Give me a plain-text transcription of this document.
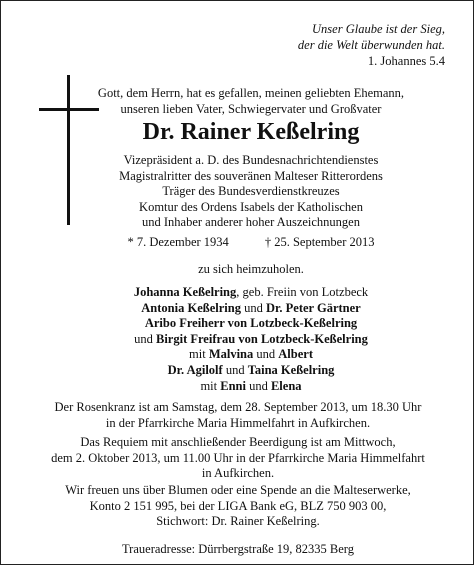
Unser Glaube ist der Sieg,
der die Welt überwunden hat.
1. Johannes 5.4
Gott, dem Herrn, hat es gefallen, meinen geliebten Ehemann,
unseren lieben Vater, Schwiegervater und Großvater
Dr. Rainer Keßelring
Vizepräsident a. D. des Bundesnachrichtendienstes
Magistralritter des souveränen Malteser Ritterordens
Träger des Bundesverdienstkreuzes
Komtur des Ordens Isabels der Katholischen
und Inhaber anderer hoher Auszeichnungen
* 7. Dezember 1934	† 25. September 2013
zu sich heimzuholen.
Johanna Keßelring, geb. Freiin von Lotzbeck
Antonia Keßelring und Dr. Peter Gärtner
Aribo Freiherr von Lotzbeck-Keßelring
und Birgit Freifrau von Lotzbeck-Keßelring
mit Malvina und Albert
Dr. Agilolf und Taina Keßelring
mit Enni und Elena
Der Rosenkranz ist am Samstag, dem 28. September 2013, um 18.30 Uhr
in der Pfarrkirche Maria Himmelfahrt in Aufkirchen.
Das Requiem mit anschließender Beerdigung ist am Mittwoch,
dem 2. Oktober 2013, um 11.00 Uhr in der Pfarrkirche Maria Himmelfahrt
in Aufkirchen.
Wir freuen uns über Blumen oder eine Spende an die Malteserwerke,
Konto 2 151 995, bei der LIGA Bank eG, BLZ 750 903 00,
Stichwort: Dr. Rainer Keßelring.
Traueradresse: Dürrbergstraße 19, 82335 Berg
